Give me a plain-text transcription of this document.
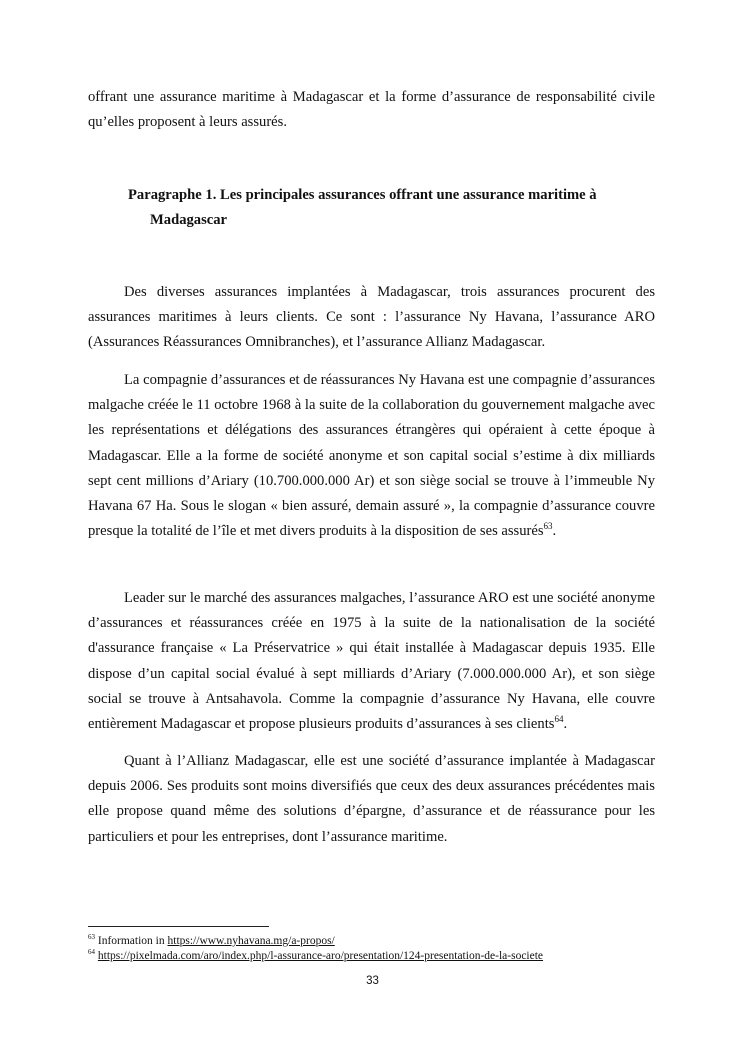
offrant une assurance maritime à Madagascar et la forme d’assurance de responsabilité civile qu’elles proposent à leurs assurés.

Paragraphe 1. Les principales assurances offrant une assurance maritime à
Madagascar

Des diverses assurances implantées à Madagascar, trois assurances procurent des assurances maritimes à leurs clients. Ce sont : l’assurance Ny Havana, l’assurance ARO (Assurances Réassurances Omnibranches), et l’assurance Allianz Madagascar.

La compagnie d’assurances et de réassurances Ny Havana est une compagnie d’assurances malgache créée le 11 octobre 1968 à la suite de la collaboration du gouvernement malgache avec les représentations et délégations des assurances étrangères qui opéraient à cette époque à Madagascar. Elle a la forme de société anonyme et son capital social s’estime à dix milliards sept cent millions d’Ariary (10.700.000.000 Ar) et son siège social se trouve à l’immeuble Ny Havana 67 Ha. Sous le slogan « bien assuré, demain assuré », la compagnie d’assurance couvre presque la totalité de l’île et met divers produits à la disposition de ses assurés$^{63}$.

Leader sur le marché des assurances malgaches, l’assurance ARO est une société anonyme d’assurances et réassurances créée en 1975 à la suite de la nationalisation de la société d'assurance française « La Préservatrice » qui était installée à Madagascar depuis 1935. Elle dispose d’un capital social évalué à sept milliards d’Ariary (7.000.000.000 Ar), et son siège social se trouve à Antsahavola. Comme la compagnie d’assurance Ny Havana, elle couvre entièrement Madagascar et propose plusieurs produits d’assurances à ses clients$^{64}$.

Quant à l’Allianz Madagascar, elle est une société d’assurance implantée à Madagascar depuis 2006. Ses produits sont moins diversifiés que ceux des deux assurances précédentes mais elle propose quand même des solutions d’épargne, d’assurance et de réassurance pour les particuliers et pour les entreprises, dont l’assurance maritime.

$^{63}$ Information in https://www.nyhavana.mg/a-propos/

$^{64}$ https://pixelmada.com/aro/index.php/l-assurance-aro/presentation/124-presentation-de-la-societe

33
